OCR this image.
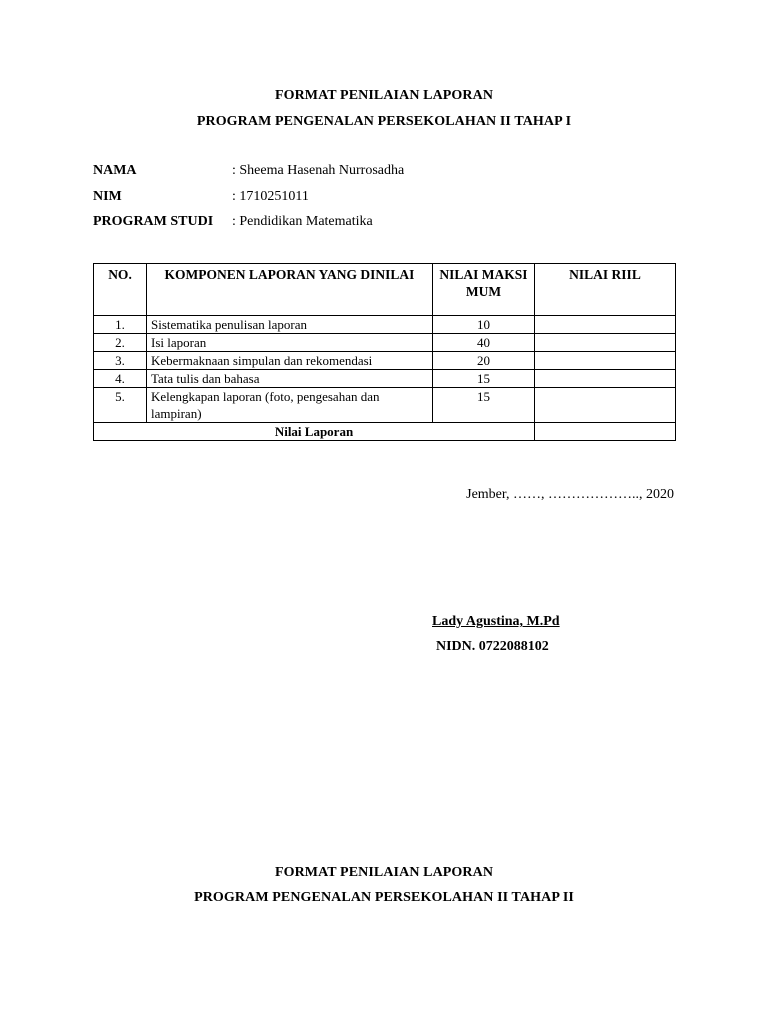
FORMAT PENILAIAN LAPORAN
PROGRAM PENGENALAN PERSEKOLAHAN II TAHAP I
NAMA	: Sheema Hasenah Nurrosadha
NIM	: 1710251011
PROGRAM STUDI : Pendidikan Matematika
NO.	KOMPONEN LAPORAN YANG DINILAI	NILAI MAKSIMUM	NILAI RIIL
1.	Sistematika penulisan laporan	10	
2.	Isi laporan	40	
3.	Kebermaknaan simpulan dan rekomendasi	20	
4.	Tata tulis dan bahasa	15	
5.	Kelengkapan laporan (foto, pengesahan dan lampiran)	15	
Nilai Laporan			
Jember, ……, ……………….., 2020
Lady Agustina, M.Pd
NIDN. 0722088102
FORMAT PENILAIAN LAPORAN
PROGRAM PENGENALAN PERSEKOLAHAN II TAHAP II
